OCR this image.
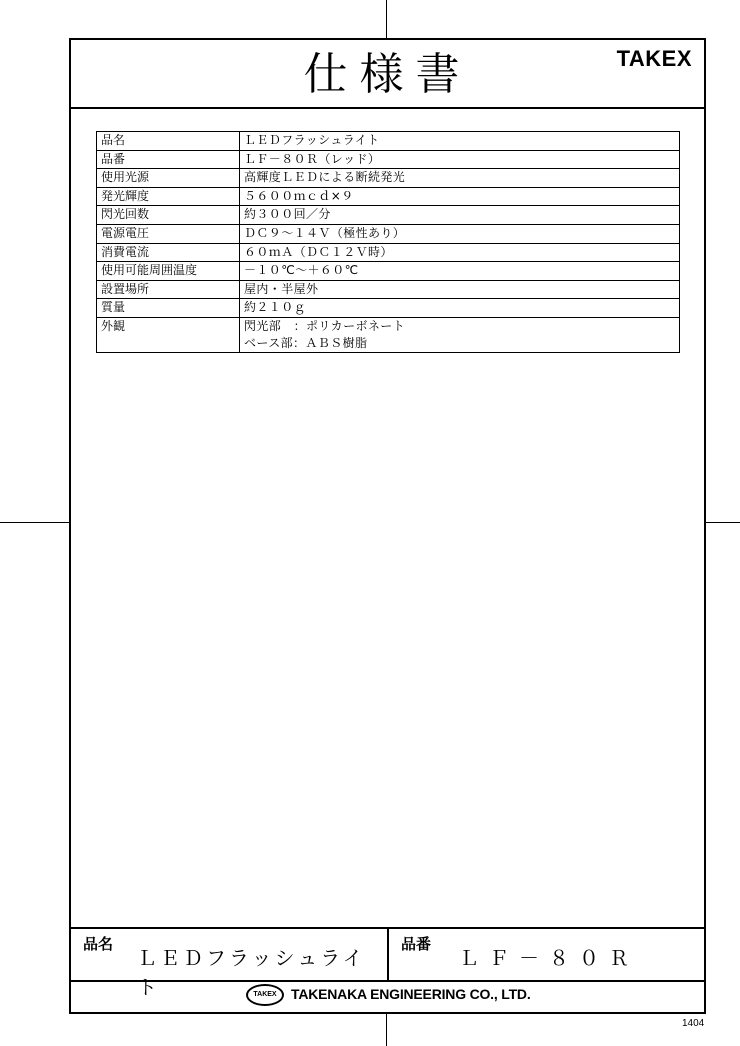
仕様書	TAKEX
品名	ＬＥＤフラッシュライト

品番	ＬＦ－８０Ｒ（レッド）

使用光源	高輝度ＬＥＤによる断続発光

発光輝度	５６００ｍｃｄ×９

閃光回数	約３００回／分

電源電圧	ＤＣ９～１４Ｖ（極性あり）

消費電流	６０ｍＡ（ＤＣ１２Ｖ時）

使用可能周囲温度	－１０℃～＋６０℃

設置場所	屋内・半屋外

質量	約２１０ｇ

外観	閃光部　：ポリカーボネート
ベース部：ＡＢＳ樹脂
品名
ＬＥＤフラッシュライト
品番
ＬＦ－８０Ｒ
TAKEX	TAKENAKA ENGINEERING CO., LTD.
1404
